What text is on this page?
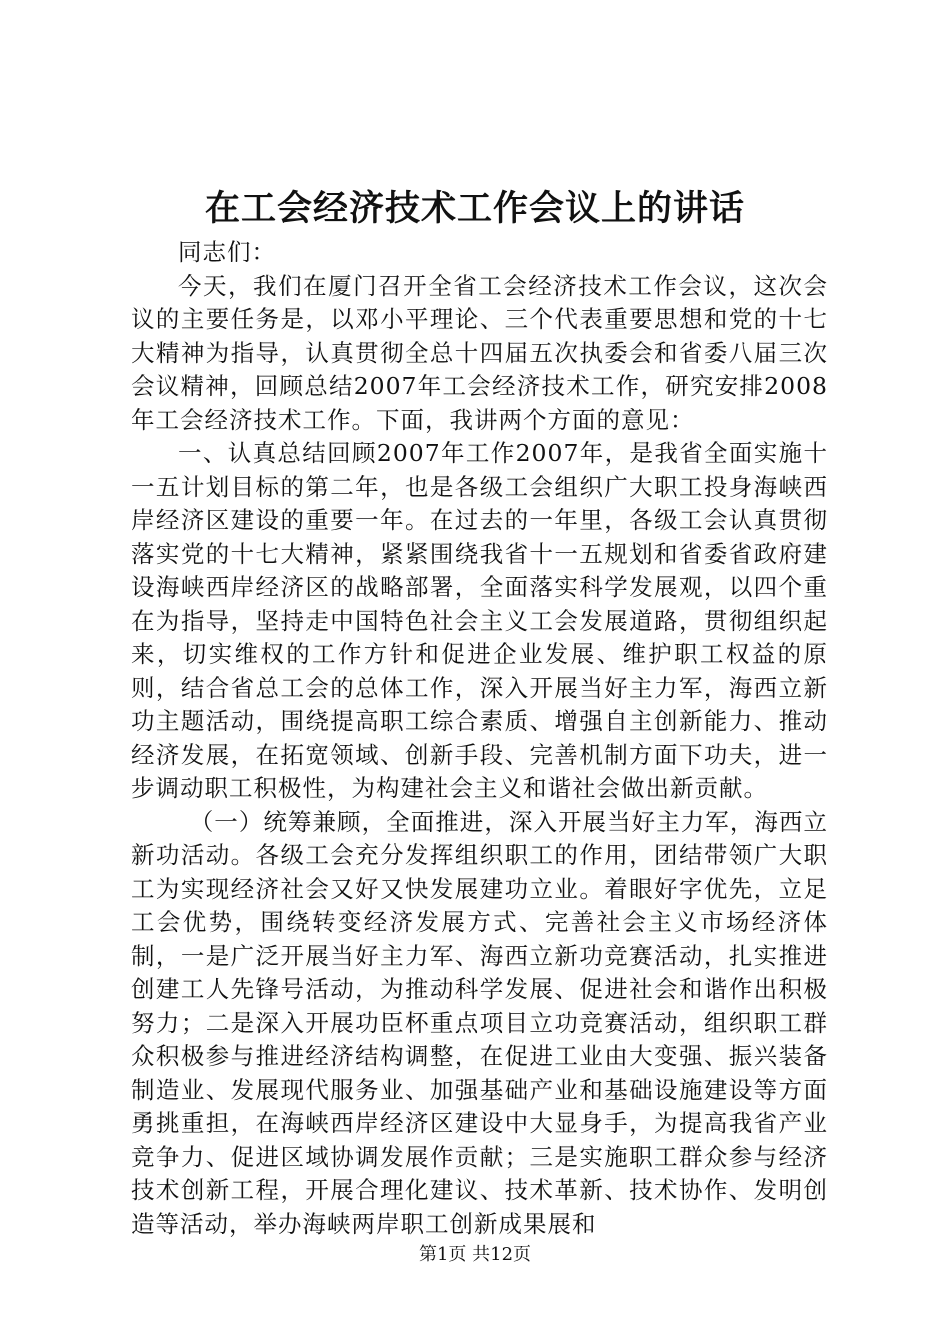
在工会经济技术工作会议上的讲话

同志们：

今天，我们在厦门召开全省工会经济技术工作会议，这次会议的主要任务是，以邓小平理论、三个代表重要思想和党的十七大精神为指导，认真贯彻全总十四届五次执委会和省委八届三次会议精神，回顾总结2007年工会经济技术工作，研究安排2008年工会经济技术工作。下面，我讲两个方面的意见：

一、认真总结回顾2007年工作2007年，是我省全面实施十一五计划目标的第二年，也是各级工会组织广大职工投身海峡西岸经济区建设的重要一年。在过去的一年里，各级工会认真贯彻落实党的十七大精神，紧紧围绕我省十一五规划和省委省政府建设海峡西岸经济区的战略部署，全面落实科学发展观，以四个重在为指导，坚持走中国特色社会主义工会发展道路，贯彻组织起来，切实维权的工作方针和促进企业发展、维护职工权益的原则，结合省总工会的总体工作，深入开展当好主力军，海西立新功主题活动，围绕提高职工综合素质、增强自主创新能力、推动经济发展，在拓宽领域、创新手段、完善机制方面下功夫，进一步调动职工积极性，为构建社会主义和谐社会做出新贡献。

（一）统筹兼顾，全面推进，深入开展当好主力军，海西立新功活动。各级工会充分发挥组织职工的作用，团结带领广大职工为实现经济社会又好又快发展建功立业。着眼好字优先，立足工会优势，围绕转变经济发展方式、完善社会主义市场经济体制，一是广泛开展当好主力军、海西立新功竞赛活动，扎实推进创建工人先锋号活动，为推动科学发展、促进社会和谐作出积极努力；二是深入开展功臣杯重点项目立功竞赛活动，组织职工群众积极参与推进经济结构调整，在促进工业由大变强、振兴装备制造业、发展现代服务业、加强基础产业和基础设施建设等方面勇挑重担，在海峡西岸经济区建设中大显身手，为提高我省产业竞争力、促进区域协调发展作贡献；三是实施职工群众参与经济技术创新工程，开展合理化建议、技术革新、技术协作、发明创造等活动，举办海峡两岸职工创新成果展和

第1页 共12页
